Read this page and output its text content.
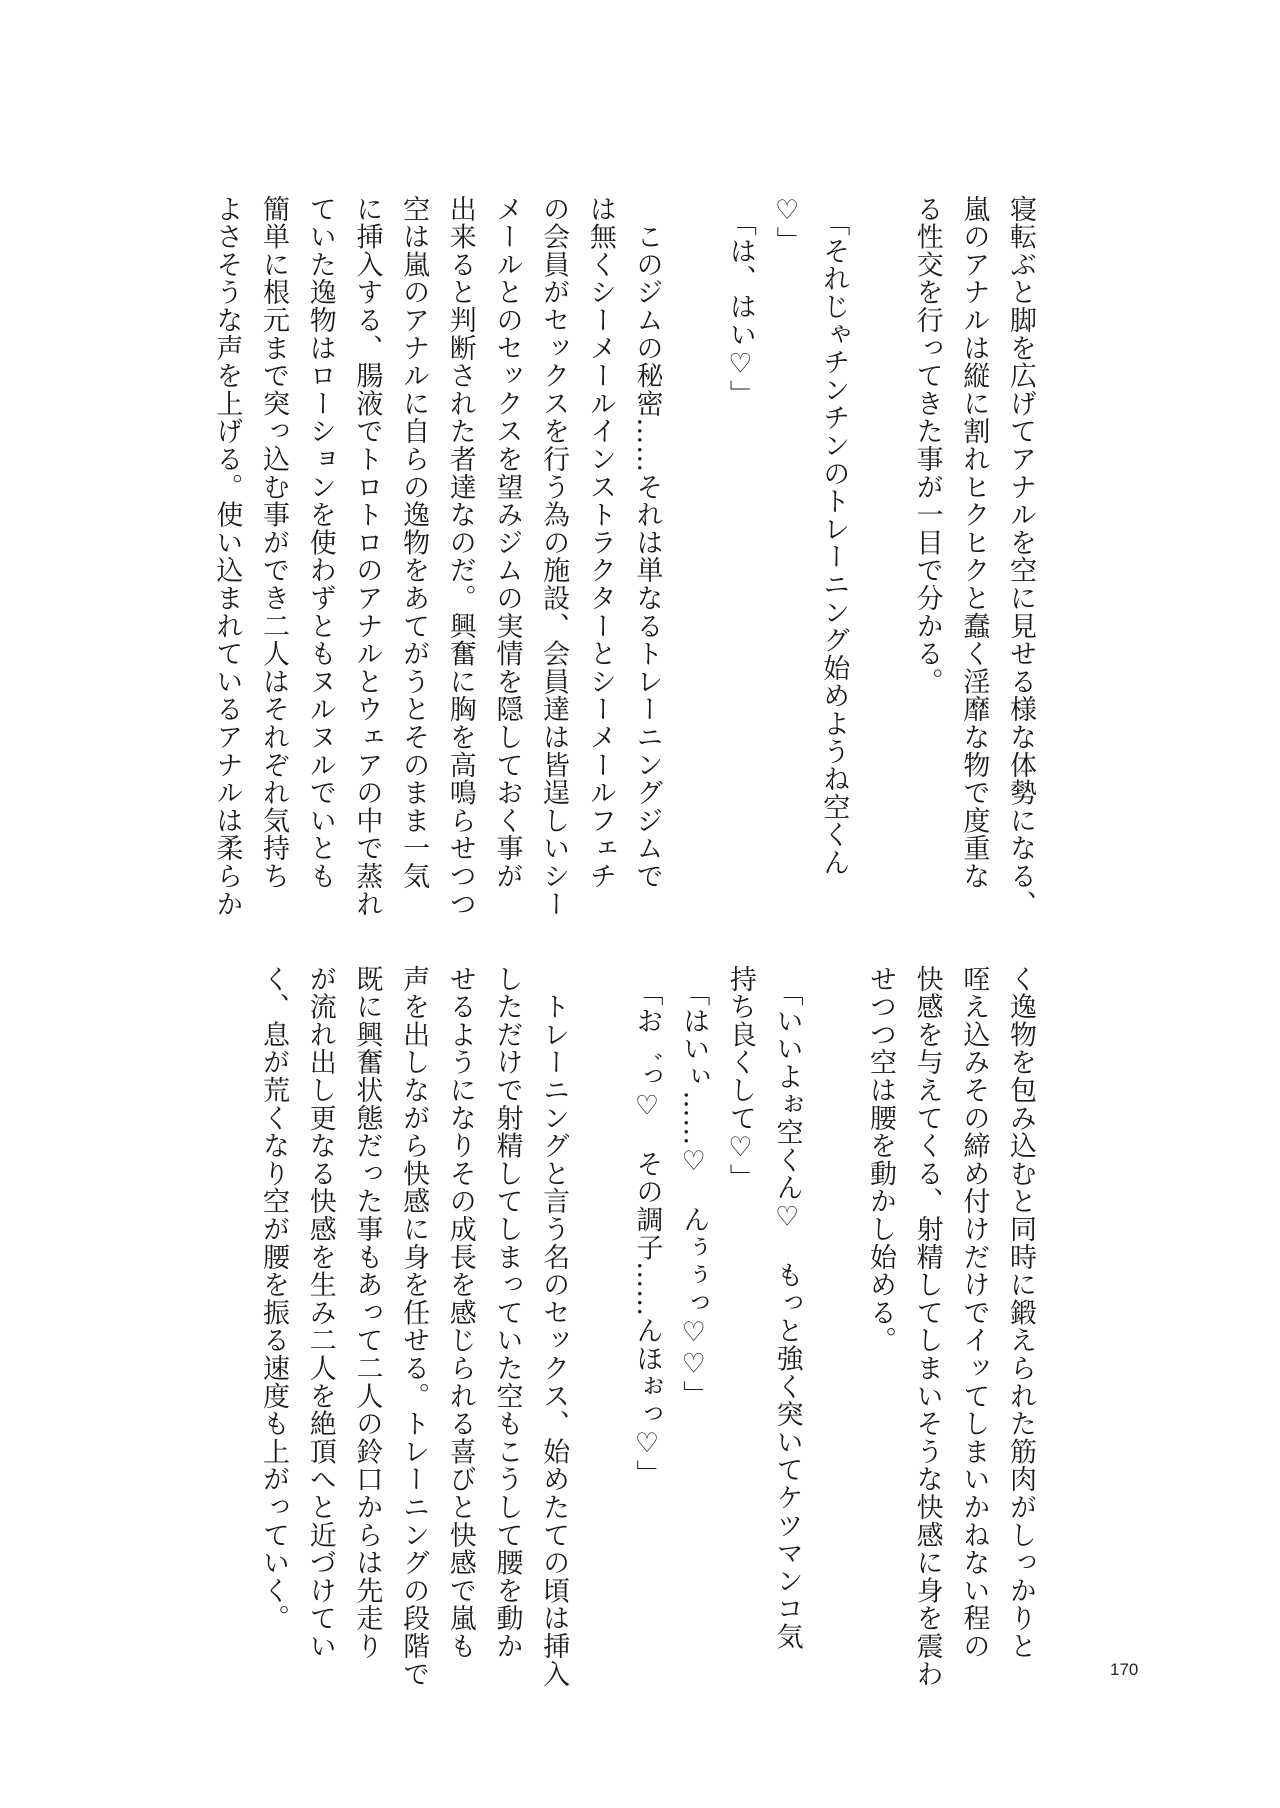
寝転ぶと脚を広げてアナルを空に見せる様な体勢になる、
嵐のアナルは縦に割れヒクヒクと蠢く淫靡な物で度重な
る性交を行ってきた事が一目で分かる。
　「それじゃチンチンのトレーニング始めようね空くん
♡」
　「は、はい♡」
　このジムの秘密……それは単なるトレーニングジムで
は無くシーメールインストラクターとシーメールフェチ
の会員がセックスを行う為の施設、会員達は皆逞しいシー
メールとのセックスを望みジムの実情を隠しておく事が
出来ると判断された者達なのだ。興奮に胸を高鳴らせつつ
空は嵐のアナルに自らの逸物をあてがうとそのまま一気
に挿入する、腸液でトロトロのアナルとウェアの中で蒸れ
ていた逸物はローションを使わずともヌルヌルでいとも
簡単に根元まで突っ込む事ができ二人はそれぞれ気持ち
よさそうな声を上げる。使い込まれているアナルは柔らか
く逸物を包み込むと同時に鍛えられた筋肉がしっかりと
咥え込みその締め付けだけでイッてしまいかねない程の
快感を与えてくる、射精してしまいそうな快感に身を震わ
せつつ空は腰を動かし始める。
　「いいよぉ空くん♡　もっと強く突いてケツマンコ気
持ち良くして♡」
　「はいぃ……♡　んぅぅっ♡♡」
　「お゛っ♡　その調子……んほぉっ♡」
　トレーニングと言う名のセックス、始めたての頃は挿入
しただけで射精してしまっていた空もこうして腰を動か
せるようになりその成長を感じられる喜びと快感で嵐も
声を出しながら快感に身を任せる。トレーニングの段階で
既に興奮状態だった事もあって二人の鈴口からは先走り
が流れ出し更なる快感を生み二人を絶頂へと近づけてい
く、息が荒くなり空が腰を振る速度も上がっていく。
170
